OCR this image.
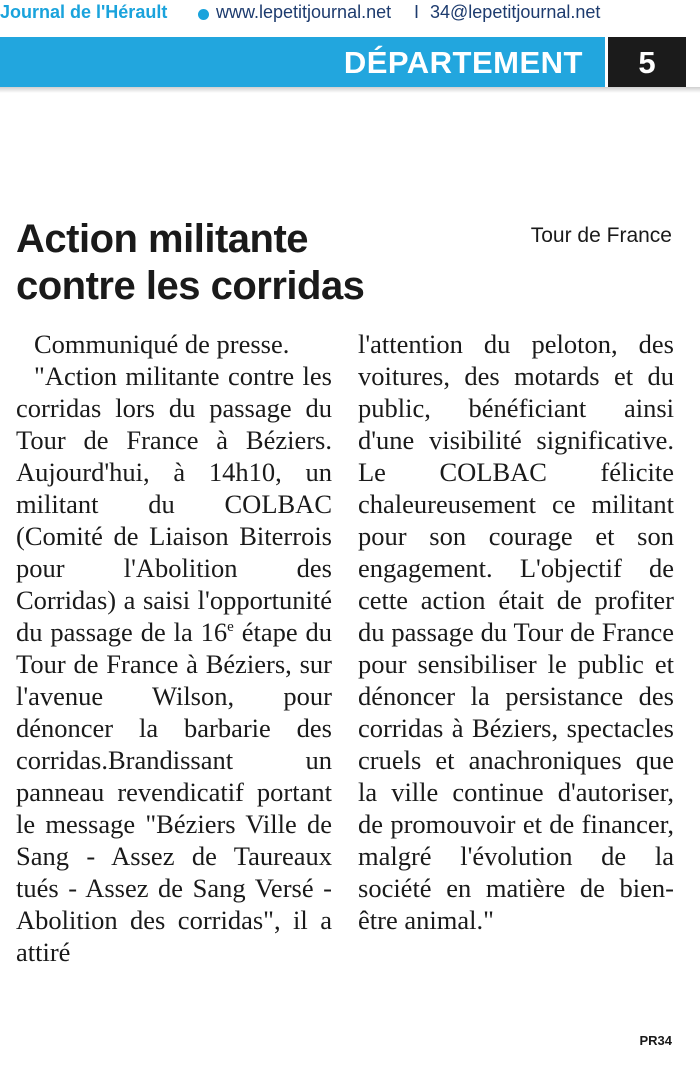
Journal de l'Hérault	www.lepetitjournal.net I 34@lepetitjournal.net
DÉPARTEMENT	5
Action militante
contre les corridas
Tour de France

Communiqué de presse.

"Action militante contre les corridas lors du passage du Tour de France à Béziers. Aujourd'hui, à 14h10, un militant du COLBAC (Comité de Liaison Biterrois pour l'Abolition des Corridas) a saisi l'opportunité du passage de la 16e étape du Tour de France à Béziers, sur l'avenue Wilson, pour dénoncer la barbarie des corridas.Brandissant un panneau revendicatif portant le message "Béziers Ville de Sang - Assez de Taureaux tués - Assez de Sang Versé - Abolition des corridas", il a attiré

l'attention du peloton, des voitures, des motards et du public, bénéficiant ainsi d'une visibilité significative. Le COLBAC félicite chaleureusement ce militant pour son courage et son engagement. L'objectif de cette action était de profiter du passage du Tour de France pour sensibiliser le public et dénoncer la persistance des corridas à Béziers, spectacles cruels et anachroniques que la ville continue d'autoriser, de promouvoir et de financer, malgré l'évolution de la société en matière de bien-être animal."

PR34
